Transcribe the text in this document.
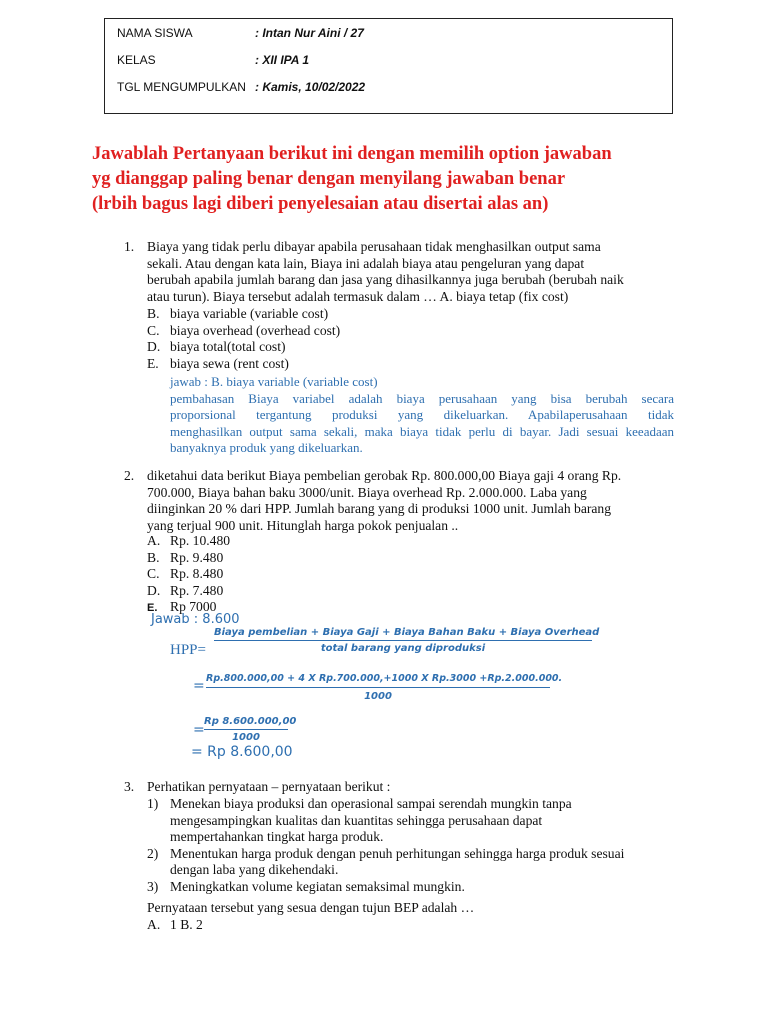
NAMA SISWA	: Intan Nur Aini / 27
KELAS	: XII IPA 1
TGL MENGUMPULKAN : Kamis, 10/02/2022
Jawablah Pertanyaan berikut ini dengan memilih option jawaban
yg dianggap paling benar dengan menyilang jawaban benar
(lrbih bagus lagi diberi penyelesaian atau disertai alas an)
1. Biaya yang tidak perlu dibayar apabila perusahaan tidak menghasilkan output sama
sekali. Atau dengan kata lain, Biaya ini adalah biaya atau pengeluran yang dapat
berubah apabila jumlah barang dan jasa yang dihasilkannya juga berubah (berubah naik
atau turun). Biaya tersebut adalah termasuk dalam … A. biaya tetap (fix cost)
B. biaya variable (variable cost)
C. biaya overhead (overhead cost)
D. biaya total(total cost)
E. biaya sewa (rent cost)
jawab : B. biaya variable (variable cost)
pembahasan Biaya variabel adalah biaya perusahaan yang bisa berubah secara
proporsional tergantung produksi yang dikeluarkan. Apabilaperusahaan tidak
menghasilkan output sama sekali, maka biaya tidak perlu di bayar. Jadi sesuai keeadaan
banyaknya produk yang dikeluarkan.
2. diketahui data berikut Biaya pembelian gerobak Rp. 800.000,00 Biaya gaji 4 orang Rp.
700.000, Biaya bahan baku 3000/unit. Biaya overhead Rp. 2.000.000. Laba yang
diinginkan 20 % dari HPP. Jumlah barang yang di produksi 1000 unit. Jumlah barang
yang terjual 900 unit. Hitunglah harga pokok penjualan ..
A. Rp. 10.480
B. Rp. 9.480
C. Rp. 8.480
D. Rp. 7.480
E. Rp 7000
Jawab : 8.600
HPP=
Biaya pembelian + Biaya Gaji + Biaya Bahan Baku + Biaya Overhead
total barang yang diproduksi
= Rp.800.000,00 + 4 X Rp.700.000,+1000 X Rp.3000 +Rp.2.000.000.
1000
=
Rp 8.600.000,00
1000
= Rp 8.600,00
3. Perhatikan pernyataan – pernyataan berikut :
1) Menekan biaya produksi dan operasional sampai serendah mungkin tanpa
mengesampingkan kualitas dan kuantitas sehingga perusahaan dapat
mempertahankan tingkat harga produk.
2) Menentukan harga produk dengan penuh perhitungan sehingga harga produk sesuai
dengan laba yang dikehendaki.
3) Meningkatkan volume kegiatan semaksimal mungkin.
Pernyataan tersebut yang sesua dengan tujun BEP adalah …
A. 1 B. 2
